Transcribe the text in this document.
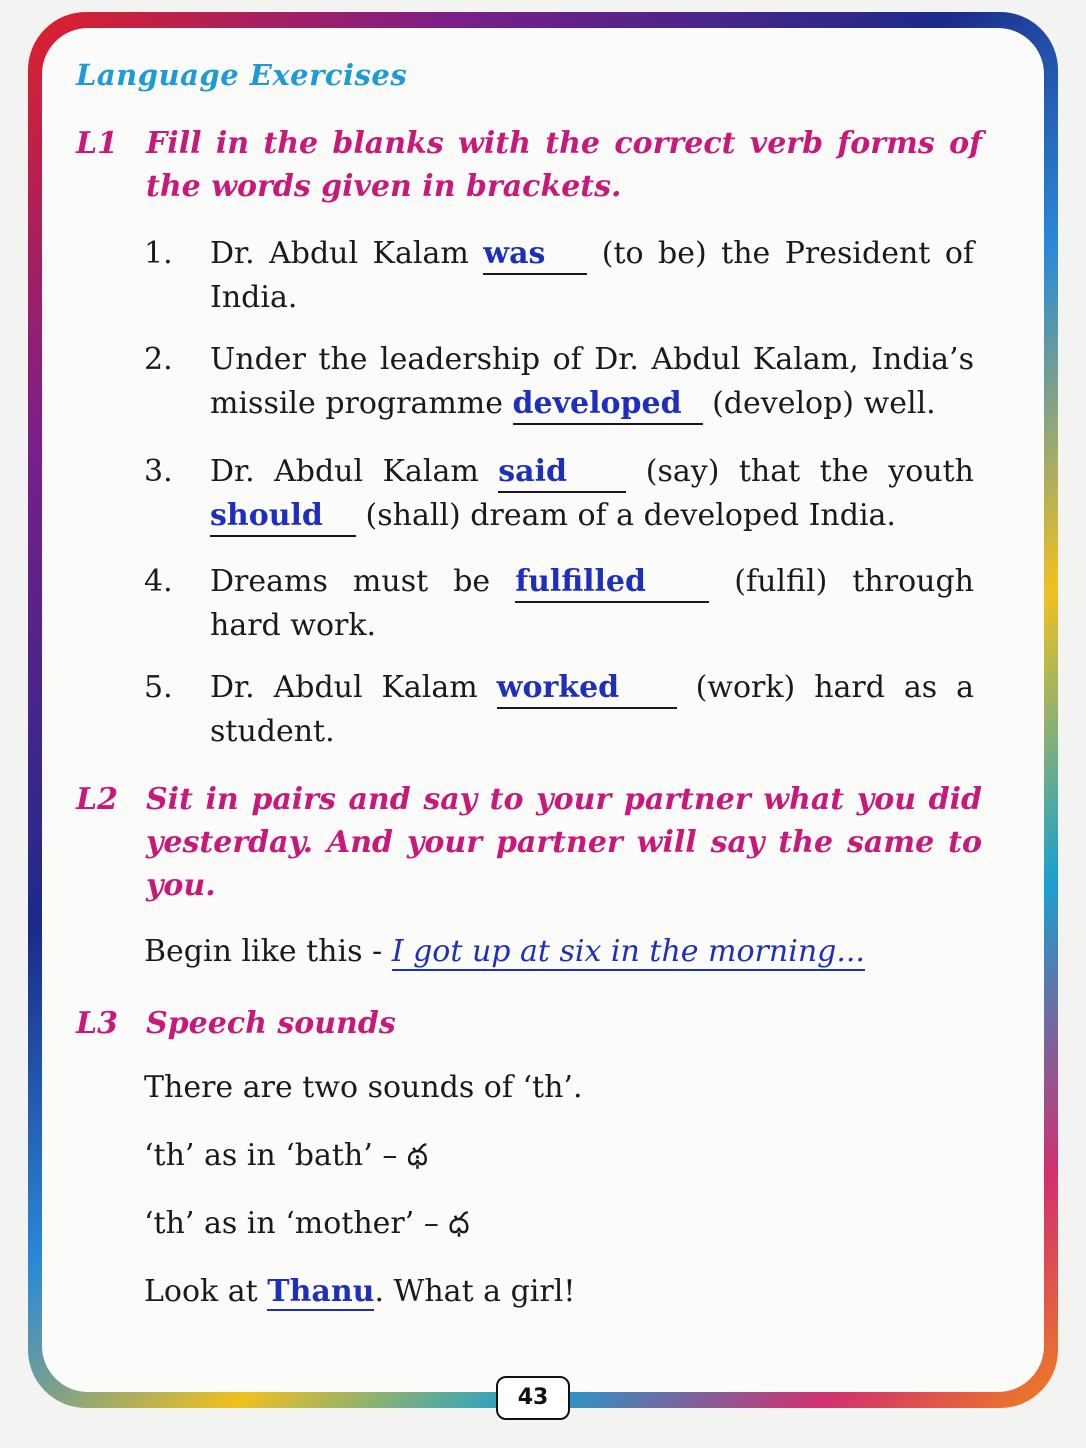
Language Exercises
L1 Fill in the blanks with the correct verb forms of the words given in brackets.
1. Dr. Abdul Kalam was (to be) the President of India.
2. Under the leadership of Dr. Abdul Kalam, India’s missile programme developed (develop) well.
3. Dr. Abdul Kalam said (say) that the youth should (shall) dream of a developed India.
4. Dreams must be fulfilled (fulfil) through hard work.
5. Dr. Abdul Kalam worked (work) hard as a student.
L2 Sit in pairs and say to your partner what you did yesterday. And your partner will say the same to you.
Begin like this - I got up at six in the morning...
L3 Speech sounds
There are two sounds of ‘th’.
‘th’ as in ‘bath’ – థ
‘th’ as in ‘mother’ – ధ
Look at Thanu. What a girl!
43
